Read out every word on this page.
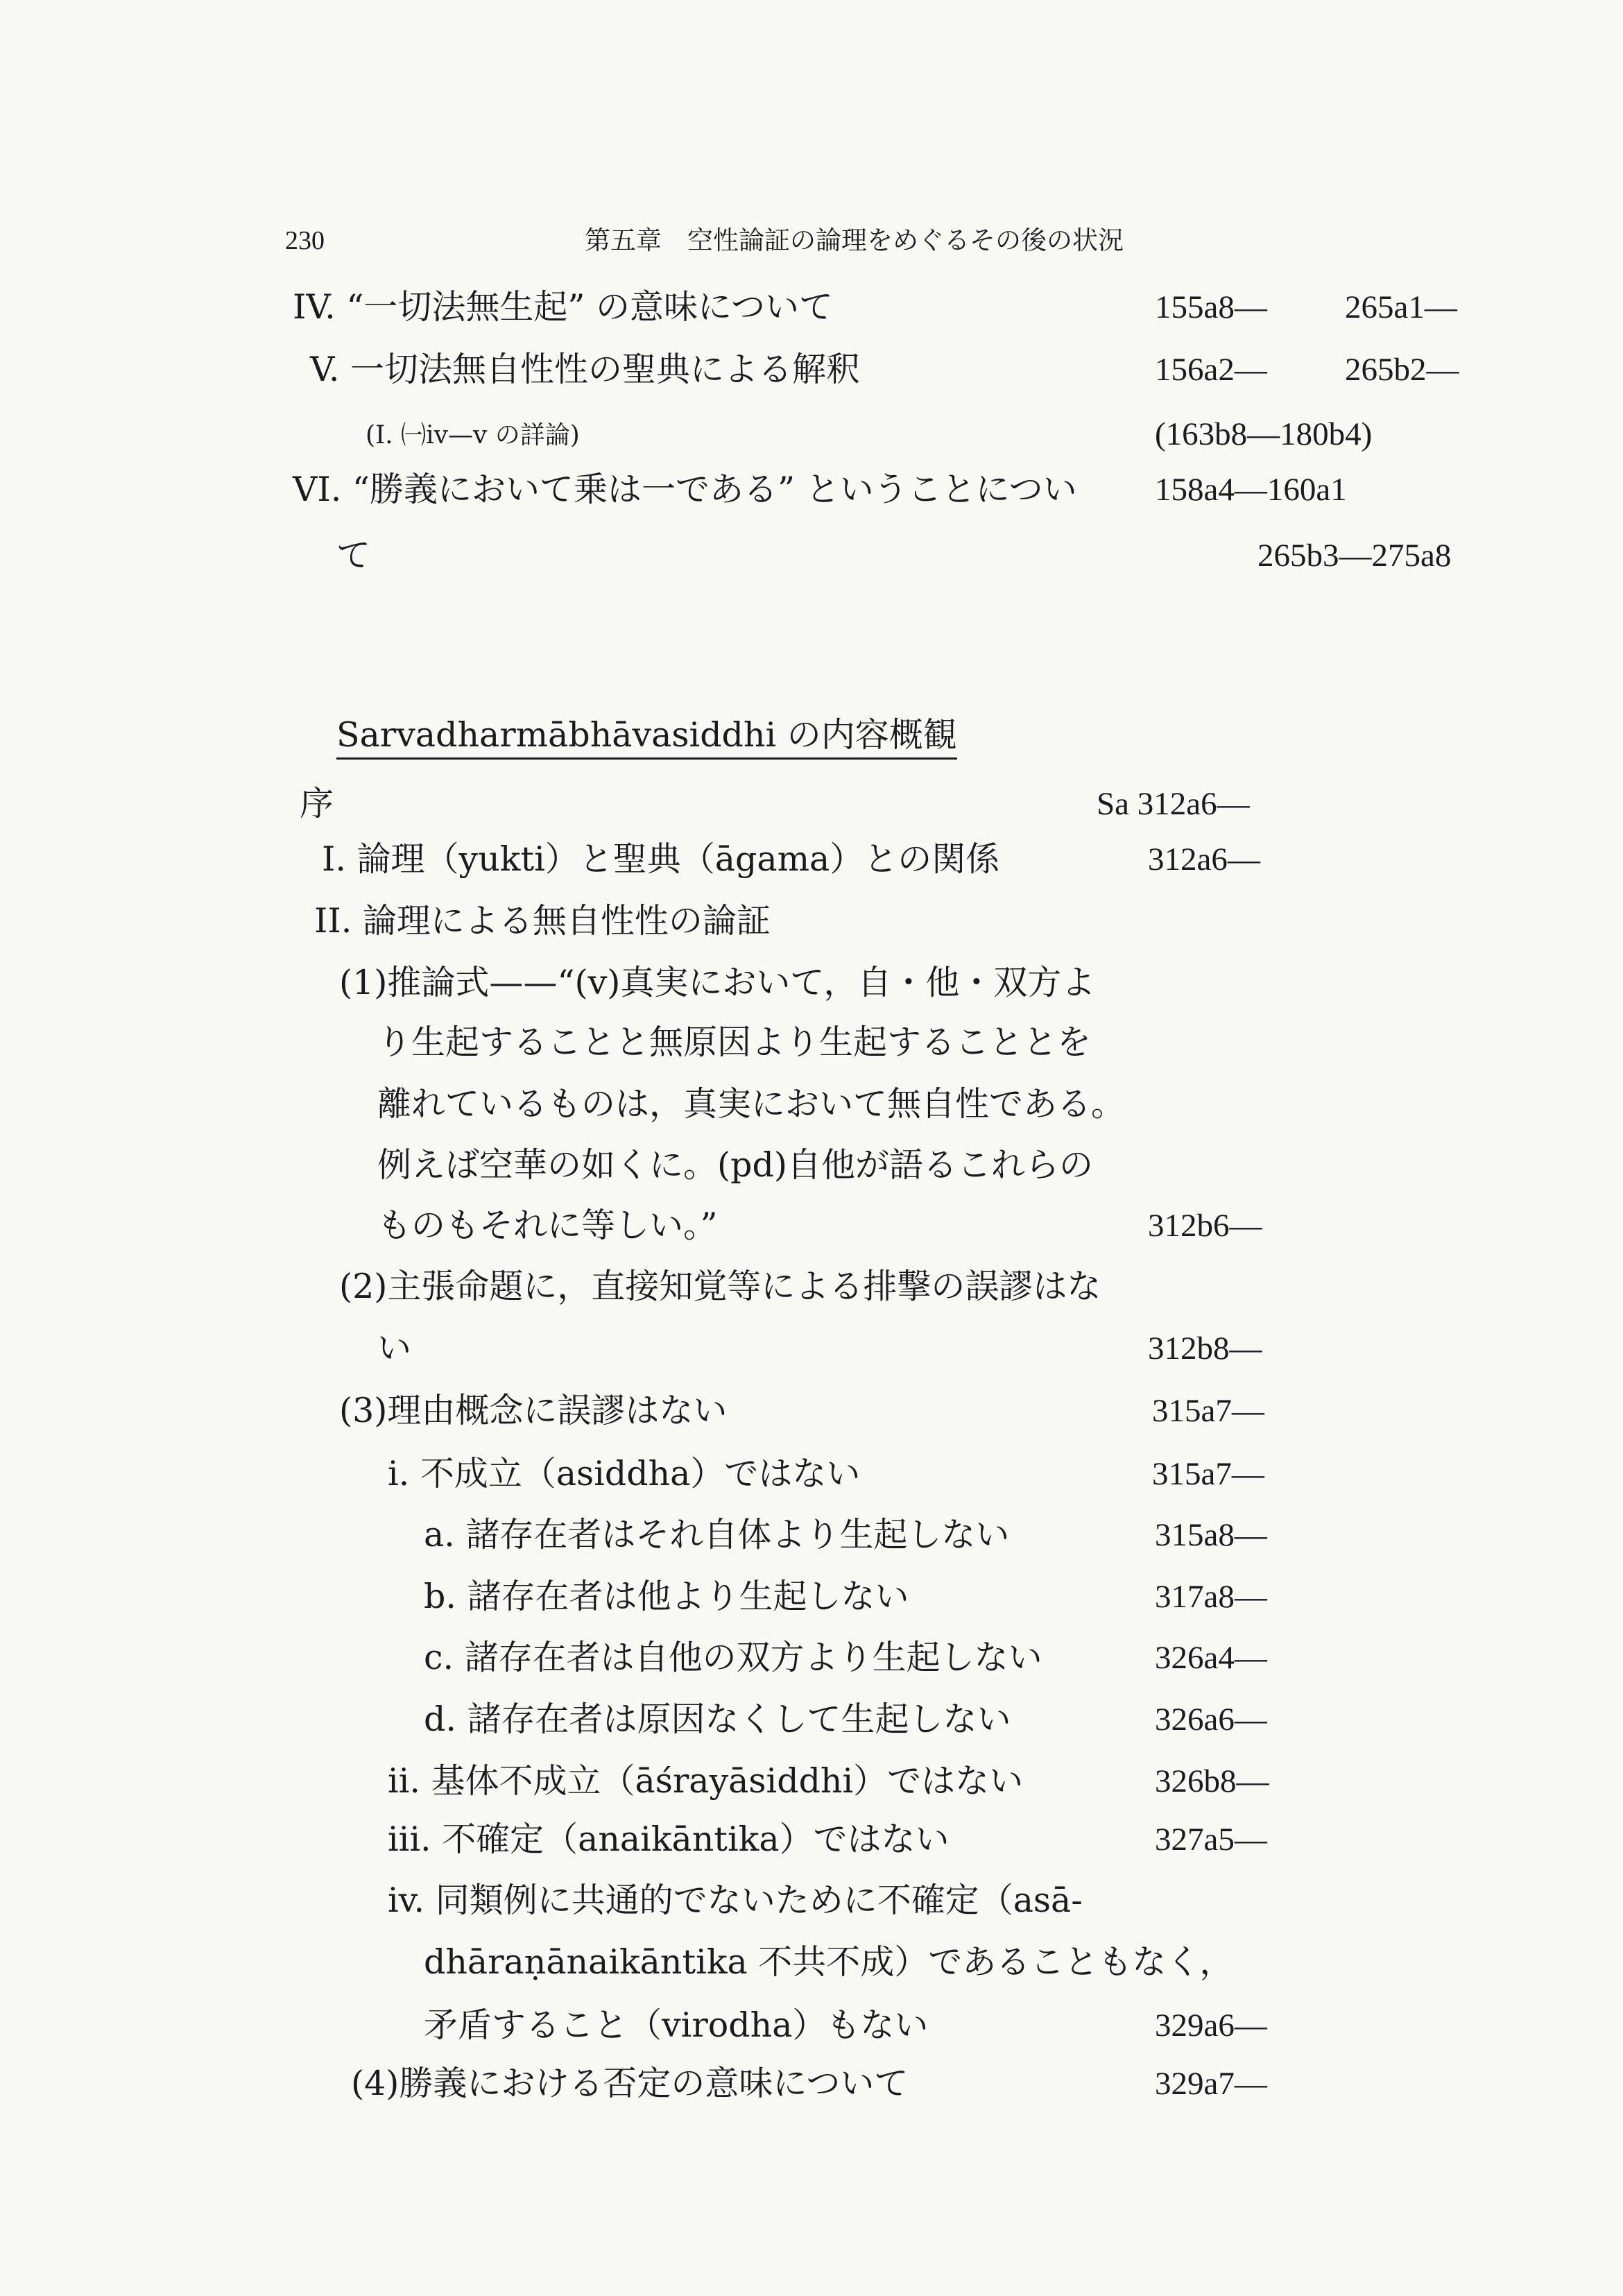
230	第五章　空性論証の論理をめぐるその後の状況
IV. “一切法無生起” の意味について	155a8— 265a1—
V. 一切法無自性性の聖典による解釈	156a2— 265b2—
(I. ㈠iv—v の詳論)	(163b8—180b4)
VI. “勝義において乗は一である” ということについ 158a4—160a1
て	265b3—275a8
Sarvadharmābhāvasiddhi の内容概観
序	Sa 312a6—
I. 論理（yukti）と聖典（āgama）との関係	312a6—
II. 論理による無自性性の論証
(1)推論式——“(v)真実において，自・他・双方よ
り生起することと無原因より生起することとを
離れているものは，真実において無自性である。
例えば空華の如くに。(pd)自他が語るこれらの
ものもそれに等しい。”	312b6—
(2)主張命題に，直接知覚等による排撃の誤謬はな
い	312b8—
(3)理由概念に誤謬はない	315a7—
i. 不成立（asiddha）ではない	315a7—
a. 諸存在者はそれ自体より生起しない	315a8—
b. 諸存在者は他より生起しない	317a8—
c. 諸存在者は自他の双方より生起しない	326a4—
d. 諸存在者は原因なくして生起しない	326a6—
ii. 基体不成立（āśrayāsiddhi）ではない	326b8—
iii. 不確定（anaikāntika）ではない	327a5—
iv. 同類例に共通的でないために不確定（asā-
dhāraṇānaikāntika 不共不成）であることもなく，
矛盾すること（virodha）もない	329a6—
(4)勝義における否定の意味について	329a7—
